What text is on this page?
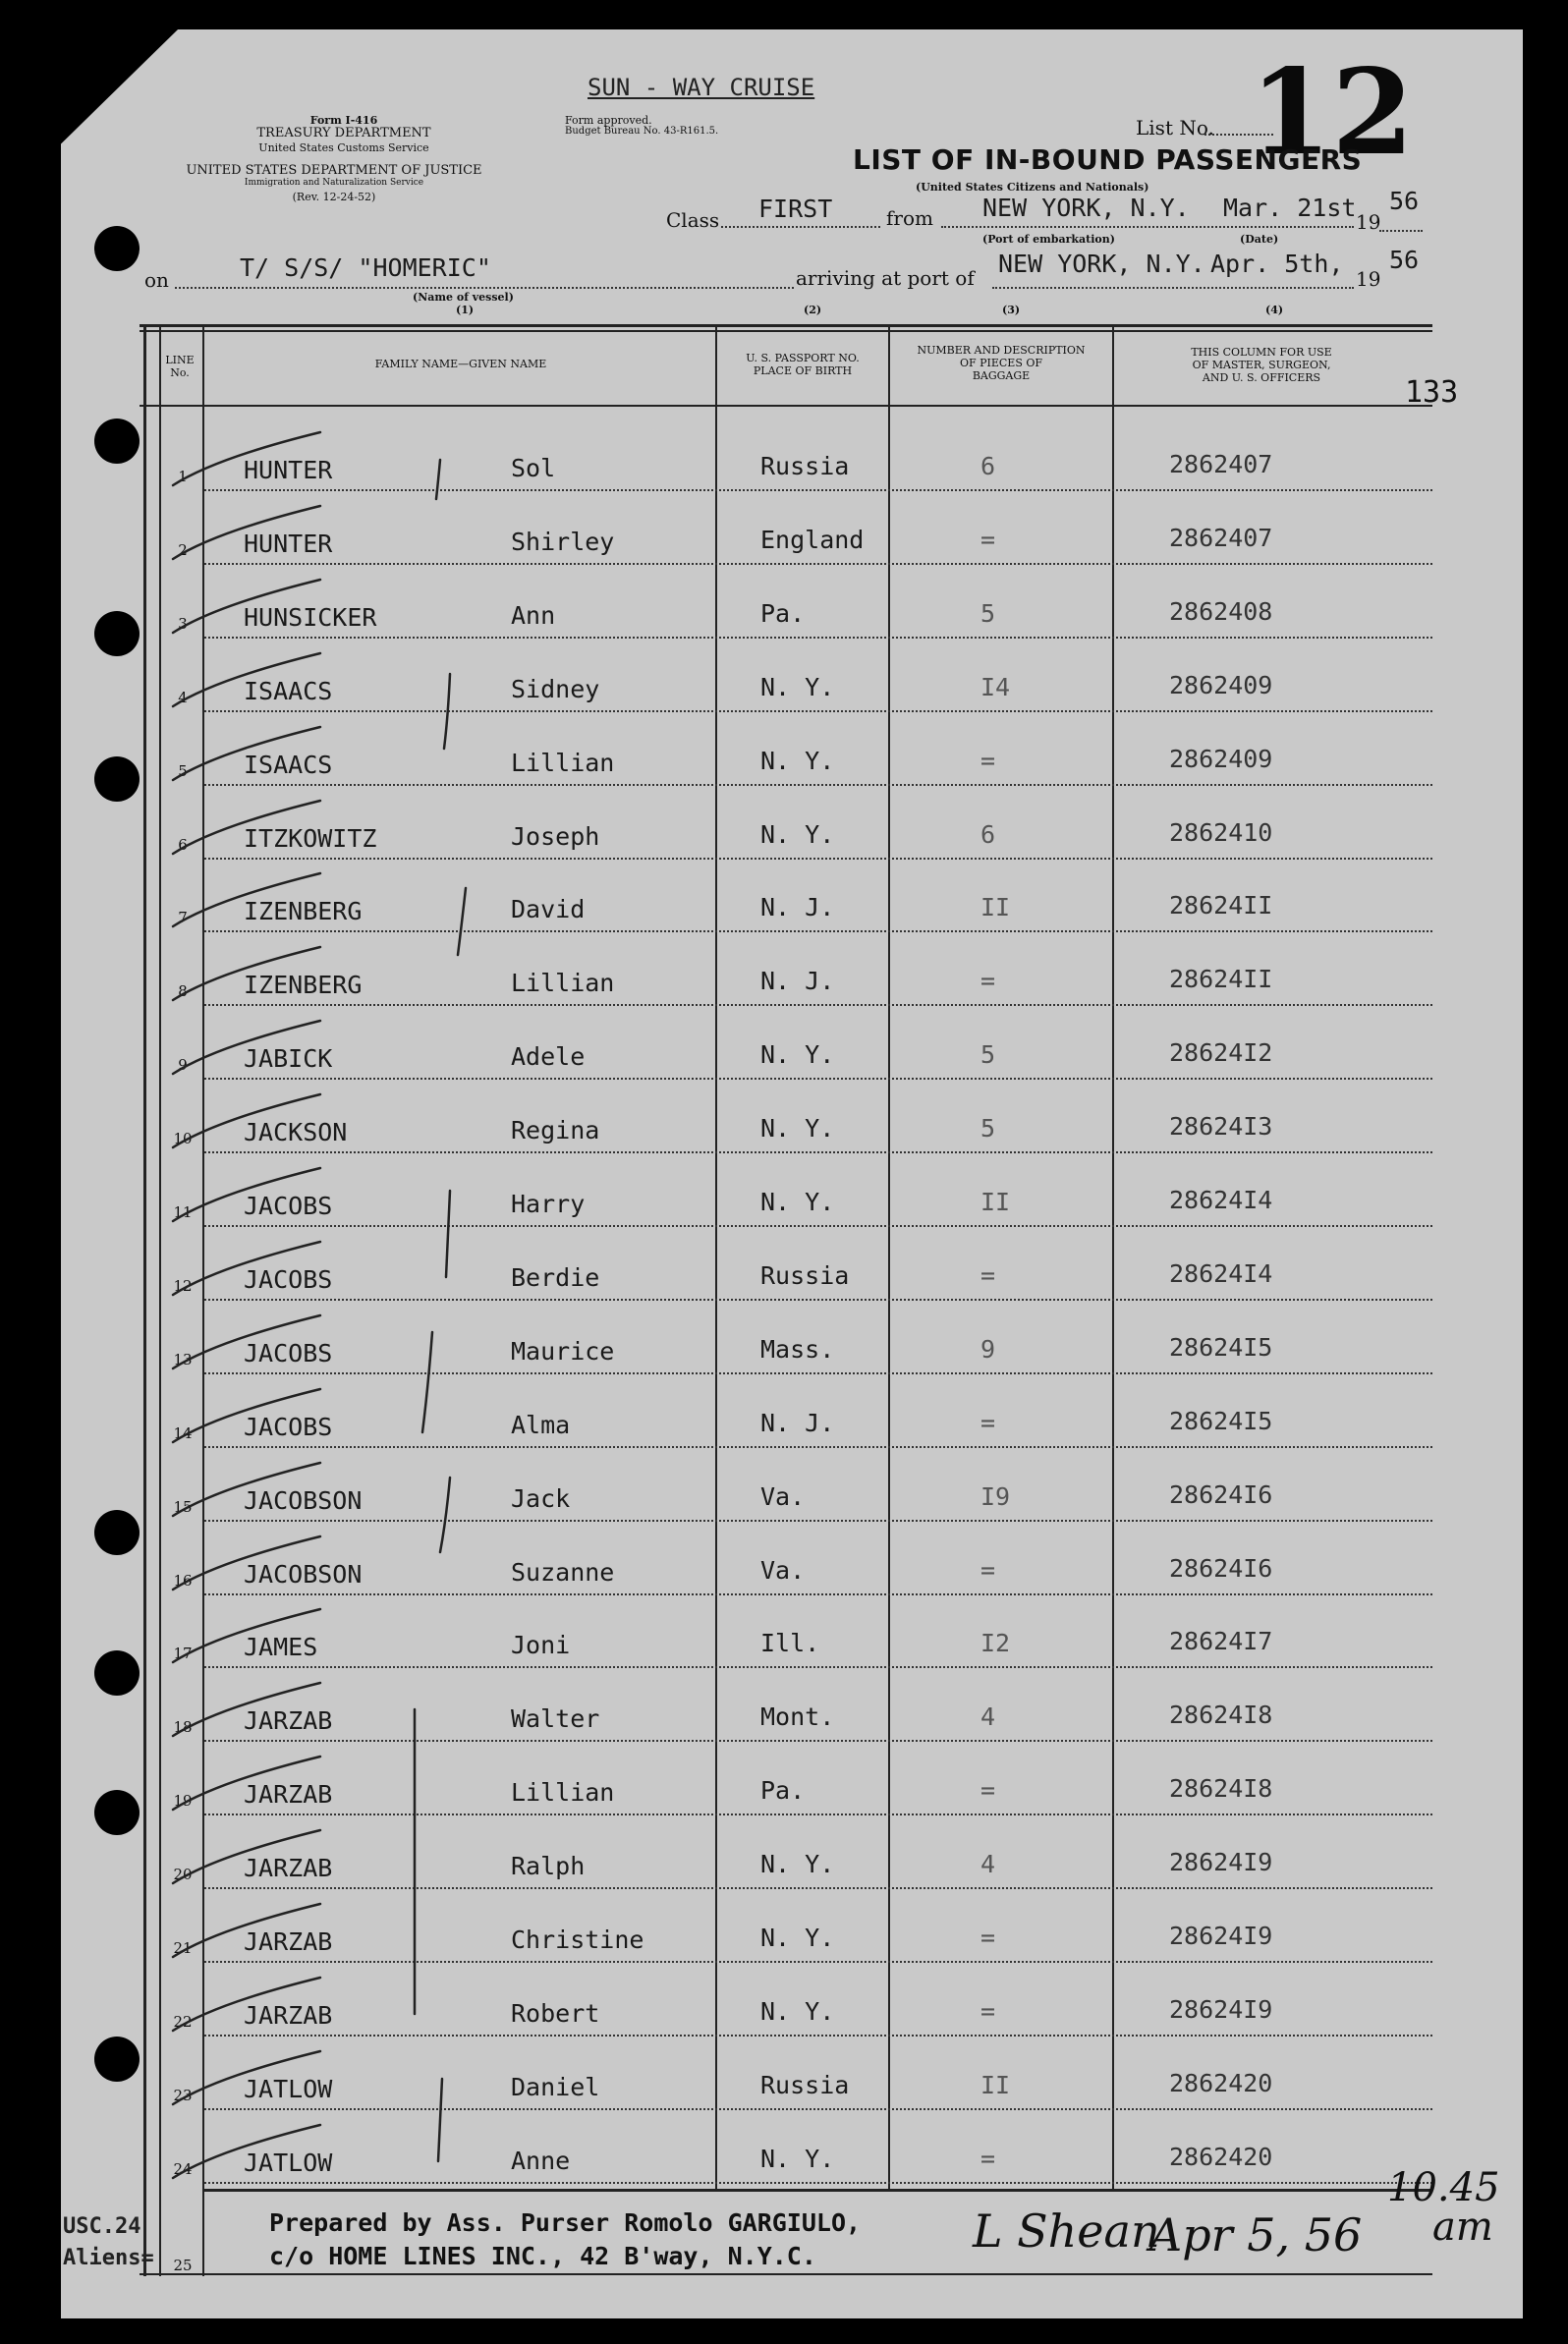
SUN - WAY CRUISE
Form I-416
TREASURY DEPARTMENT
United States Customs Service
UNITED STATES DEPARTMENT OF JUSTICE
Immigration and Naturalization Service
(Rev. 12-24-52)
Form approved.
Budget Bureau No. 43-R161.5.	List No. 12
LIST OF IN-BOUND PASSENGERS
(United States Citizens and Nationals)
Class FIRST	from NEW YORK, N.Y. Mar. 21st 19
56
(Port of embarkation)	(Date)
on	T/ S/S/ "HOMERIC"
(Name of vessel)
(1)
arriving at port of NEW YORK, N.Y. Apr. 5th,
19
56
(2)	(3)	(4)
LINE
No.
FAMILY NAME—GIVEN NAME	U. S. PASSPORT NO.
PLACE OF BIRTH
NUMBER AND DESCRIPTION
OF PIECES OF
BAGGAGE
THIS COLUMN FOR USE
OF MASTER, SURGEON,
AND U. S. OFFICERS	133
1	HUNTER	Sol	Russia	6	2862407
2	HUNTER	Shirley	England	=	2862407
3	HUNSICKER	Ann	Pa.	5	2862408
4	ISAACS	Sidney	N. Y.	I4	2862409
5	ISAACS	Lillian	N. Y.	=	2862409
6	ITZKOWITZ	Joseph	N. Y.	6	2862410
7	IZENBERG	David	N. J.	II	28624II
8	IZENBERG	Lillian	N. J.	=	28624II
9	JABICK	Adele	N. Y.	5	28624I2
10	JACKSON	Regina	N. Y.	5	28624I3
11	JACOBS	Harry	N. Y.	II	28624I4
12	JACOBS	Berdie	Russia	=	28624I4
13	JACOBS	Maurice	Mass.	9	28624I5
14	JACOBS	Alma	N. J.	=	28624I5
15	JACOBSON	Jack	Va.	I9	28624I6
16	JACOBSON	Suzanne	Va.	=	28624I6
17	JAMES	Joni	Ill.	I2	28624I7
18	JARZAB	Walter	Mont.	4	28624I8
19	JARZAB	Lillian	Pa.	=	28624I8
20	JARZAB	Ralph	N. Y.	4	28624I9
21	JARZAB	Christine	N. Y.	=	28624I9
22	JARZAB	Robert	N. Y.	=	28624I9
23	JATLOW	Daniel	Russia	II	2862420
24	JATLOW	Anne	N. Y.	=	2862420
25
Prepared by Ass. Purser Romolo GARGIULO,
c/o HOME LINES INC., 42 B'way, N.Y.C.	L Shean
Apr 5, 56
10.45
am
USC.24
Aliens=
